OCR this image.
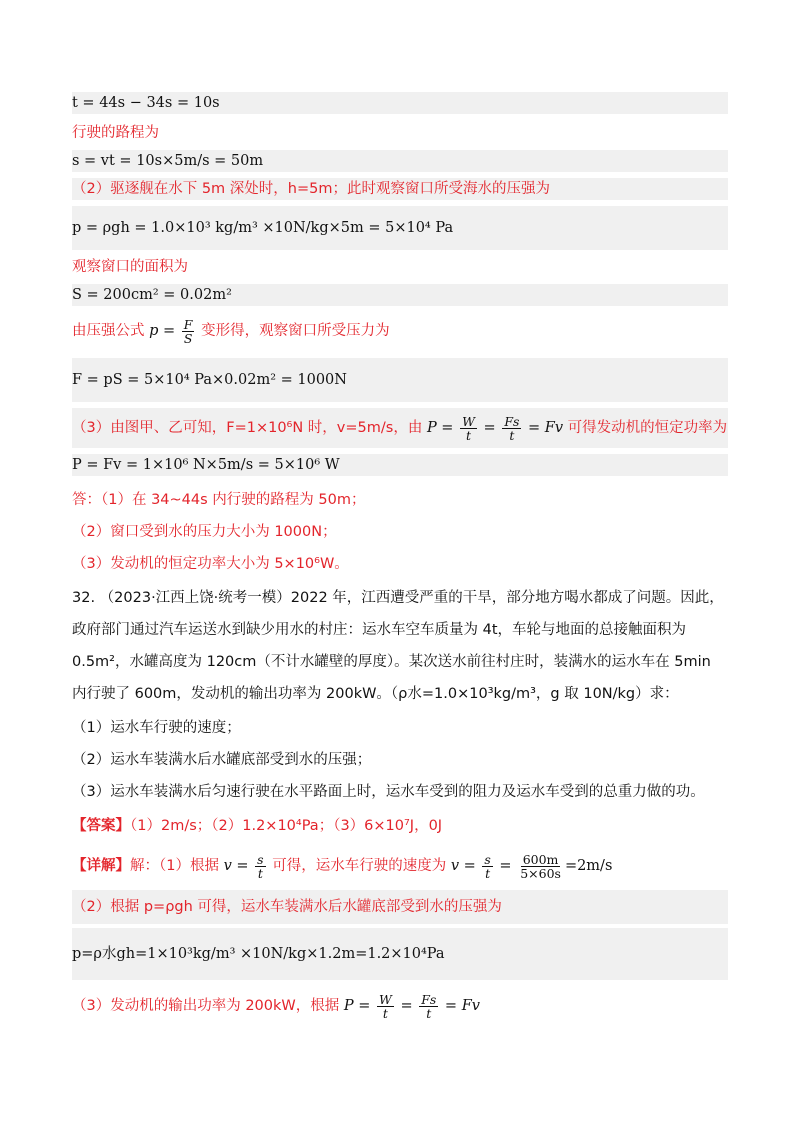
t = 44s − 34s = 10s
行驶的路程为
s = vt = 10s×5m/s = 50m
（2）驱逐舰在水下 5m 深处时，h=5m；此时观察窗口所受海水的压强为
p = ρgh = 1.0×10³ kg/m³ ×10N/kg×5m = 5×10⁴ Pa
观察窗口的面积为
S = 200cm² = 0.02m²
由压强公式 $p = \frac{F}{S}$ 变形得，观察窗口所受压力为
F = pS = 5×10⁴ Pa×0.02m² = 1000N
（3）由图甲、乙可知，F=1×10⁶N 时，v=5m/s，由 $P = \frac{W}{t} = \frac{Fs}{t} = Fv$ 可得发动机的恒定功率为
P = Fv = 1×10⁶ N×5m/s = 5×10⁶ W
答：（1）在 34~44s 内行驶的路程为 50m；
（2）窗口受到水的压力大小为 1000N；
（3）发动机的恒定功率大小为 5×10⁶W。
32. （2023·江西上饶·统考一模）2022 年，江西遭受严重的干旱，部分地方喝水都成了问题。因此，政府部门通过汽车运送水到缺少用水的村庄：运水车空车质量为 4t，车轮与地面的总接触面积为 0.5m²，水罐高度为 120cm（不计水罐壁的厚度）。某次送水前往村庄时，装满水的运水车在 5min 内行驶了 600m，发动机的输出功率为 200kW。（ρ水=1.0×10³kg/m³，g 取 10N/kg）求：
（1）运水车行驶的速度；
（2）运水车装满水后水罐底部受到水的压强；
（3）运水车装满水后匀速行驶在水平路面上时，运水车受到的阻力及运水车受到的总重力做的功。
【答案】（1）2m/s；（2）1.2×10⁴Pa；（3）6×10⁷J，0J
【详解】解：（1）根据 $v = \frac{s}{t}$ 可得，运水车行驶的速度为 $v = \frac{s}{t} = \frac{600m}{5\times 60s} =2m/s$
（2）根据 p=ρgh 可得，运水车装满水后水罐底部受到水的压强为
p=ρ水gh=1×10³kg/m³ ×10N/kg×1.2m=1.2×10⁴Pa
（3）发动机的输出功率为 200kW，根据 $P = \frac{W}{t} = \frac{Fs}{t} = Fv$
